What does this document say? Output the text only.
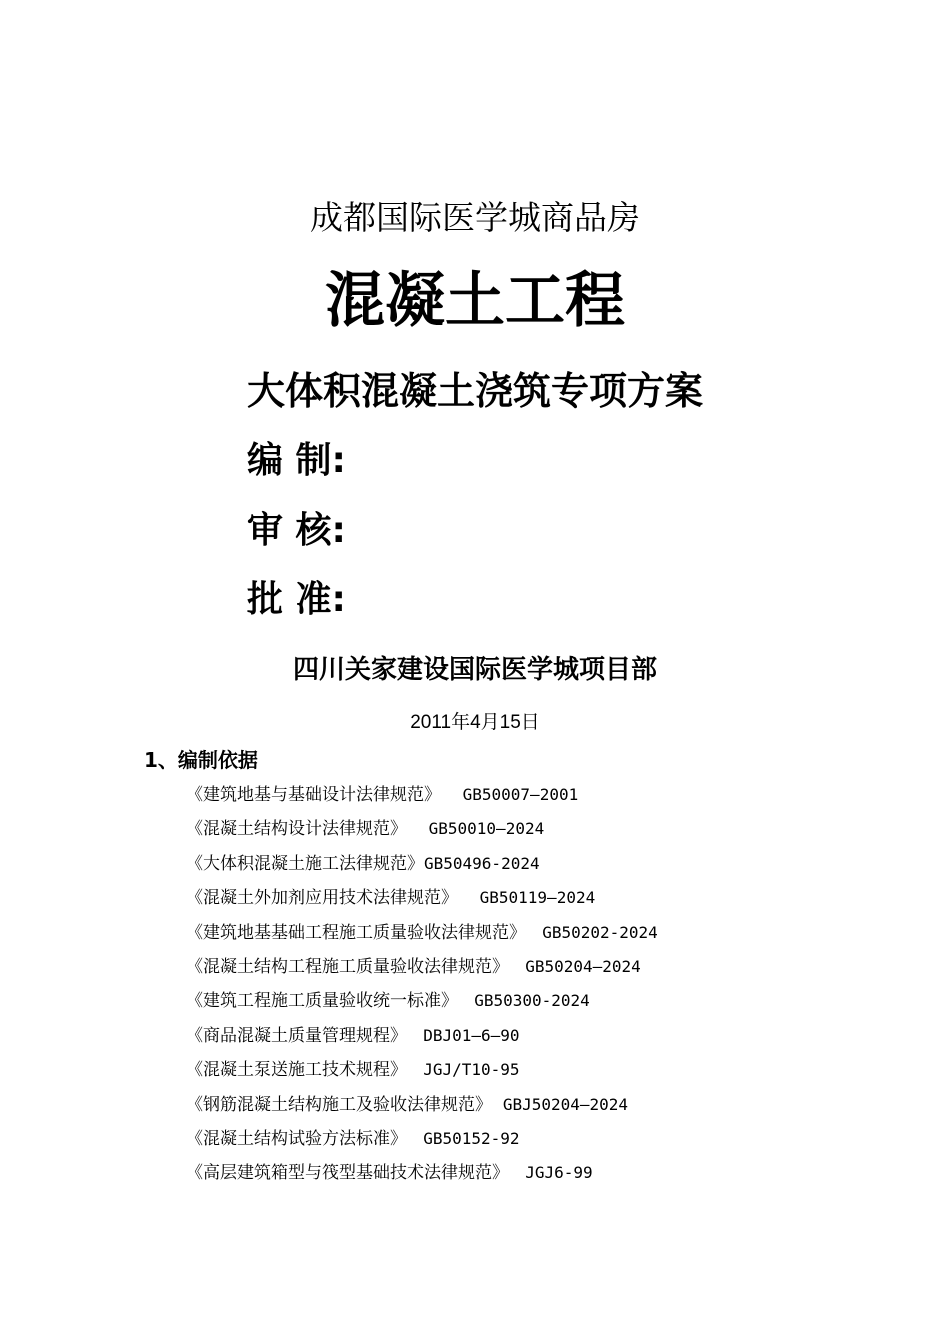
成都国际医学城商品房
混凝土工程
大体积混凝土浇筑专项方案
编 制:
审 核:
批 准:
四川关家建设国际医学城项目部
2011年4月15日
1、编制依据
《建筑地基与基础设计法律规范》 GB50007—2001
《混凝土结构设计法律规范》 GB50010—2024
《大体积混凝土施工法律规范》GB50496-2024
《混凝土外加剂应用技术法律规范》 GB50119—2024
《建筑地基基础工程施工质量验收法律规范》 GB50202-2024
《混凝土结构工程施工质量验收法律规范》 GB50204—2024
《建筑工程施工质量验收统一标准》 GB50300-2024
《商品混凝土质量管理规程》 DBJ01—6—90
《混凝土泵送施工技术规程》 JGJ/T10-95
《钢筋混凝土结构施工及验收法律规范》 GBJ50204—2024
《混凝土结构试验方法标准》 GB50152-92
《高层建筑箱型与筏型基础技术法律规范》 JGJ6-99
